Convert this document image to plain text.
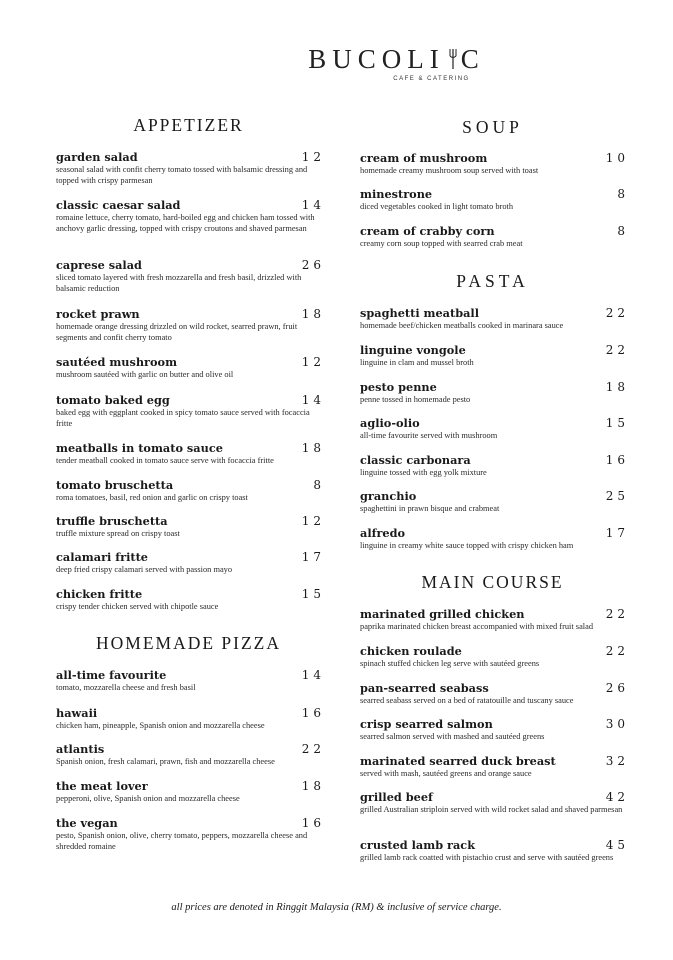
BUCOLI C
CAFE & CATERING
APPETIZER
garden salad	12
seasonal salad with confit cherry tomato tossed with balsamic dressing and topped with crispy parmesan
classic caesar salad	14
romaine lettuce, cherry tomato, hard-boiled egg and chicken ham tossed with anchovy garlic dressing, topped with crispy croutons and shaved parmesan
caprese salad	26
sliced tomato layered with fresh mozzarella and fresh basil, drizzled with balsamic reduction
rocket prawn	18
homemade orange dressing drizzled on wild rocket, searred prawn, fruit segments and confit cherry tomato
sautéed mushroom	12
mushroom sautéed with garlic on butter and olive oil
tomato baked egg	14
baked egg with eggplant cooked in spicy tomato sauce served with focaccia fritte
meatballs in tomato sauce	18
tender meatball cooked in tomato sauce serve with focaccia fritte
tomato bruschetta	8
roma tomatoes, basil, red onion and garlic on crispy toast
truffle bruschetta	12
truffle mixture spread on crispy toast
calamari fritte	17
deep fried crispy calamari served with passion mayo
chicken fritte	15
crispy tender chicken served with chipotle sauce
HOMEMADE PIZZA
all-time favourite	14
tomato, mozzarella cheese and fresh basil
hawaii	16
chicken ham, pineapple, Spanish onion and mozzarella cheese
atlantis	22
Spanish onion, fresh calamari, prawn, fish and mozzarella cheese
the meat lover	18
pepperoni, olive, Spanish onion and mozzarella cheese
the vegan	16
pesto, Spanish onion, olive, cherry tomato, peppers, mozzarella cheese and shredded romaine
SOUP
cream of mushroom	10
homemade creamy mushroom soup served with toast
minestrone	8
diced vegetables cooked in light tomato broth
cream of crabby corn	8
creamy corn soup topped with searred crab meat
PASTA
spaghetti meatball	22
homemade beef/chicken meatballs cooked in marinara sauce
linguine vongole	22
linguine in clam and mussel broth
pesto penne	18
penne tossed in homemade pesto
aglio-olio	15
all-time favourite served with mushroom
classic carbonara	16
linguine tossed with egg yolk mixture
granchio	25
spaghettini in prawn bisque and crabmeat
alfredo	17
linguine in creamy white sauce topped with crispy chicken ham
MAIN COURSE
marinated grilled chicken	22
paprika marinated chicken breast accompanied with mixed fruit salad
chicken roulade	22
spinach stuffed chicken leg serve with sautéed greens
pan-searred seabass	26
searred seabass served on a bed of ratatouille and tuscany sauce
crisp searred salmon	30
searred salmon served with mashed and sautéed greens
marinated searred duck breast	32
served with mash, sautéed greens and orange sauce
grilled beef	42
grilled Australian striploin served with wild rocket salad and shaved parmesan
crusted lamb rack	45
grilled lamb rack coatted with pistachio crust and serve with sautéed greens
all prices are denoted in Ringgit Malaysia (RM) & inclusive of service charge.
